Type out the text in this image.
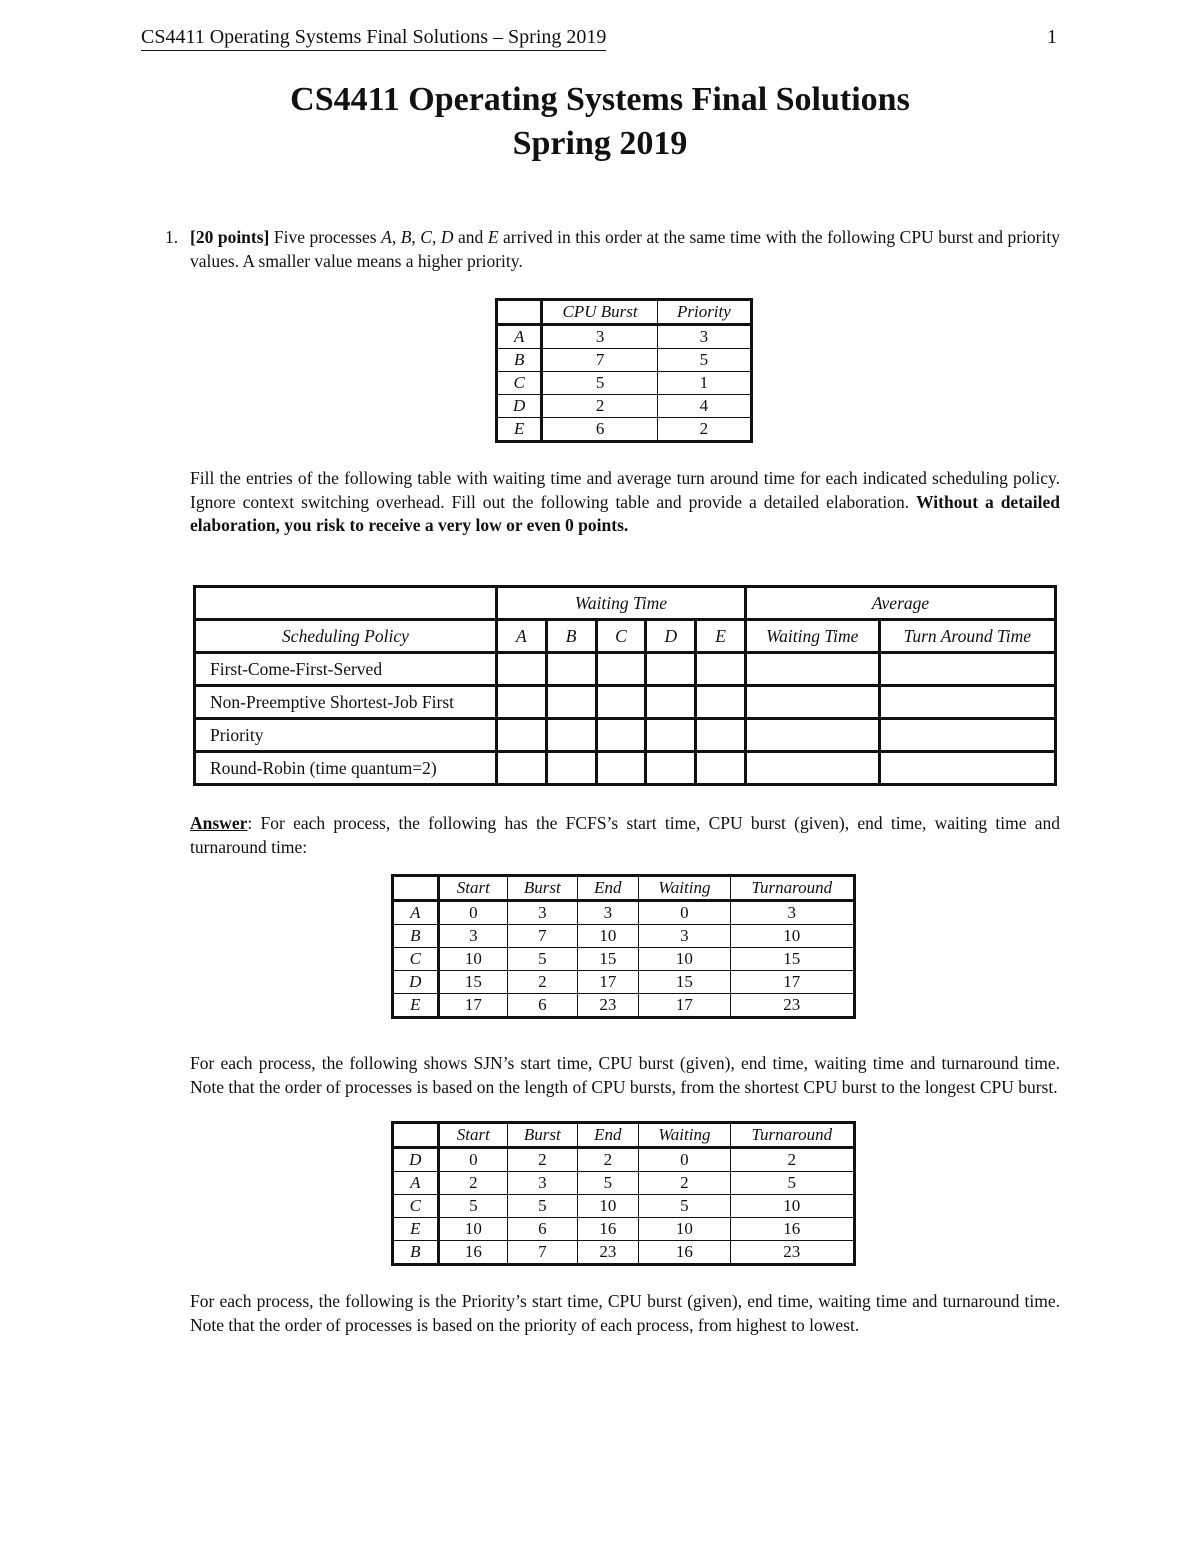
CS4411 Operating Systems Final Solutions – Spring 2019	1
CS4411 Operating Systems Final Solutions
Spring 2019
1. [20 points] Five processes A, B, C, D and E arrived in this order at the same time with the following CPU burst and priority values. A smaller value means a higher priority.
	CPU Burst	Priority
A	3	3
B	7	5
C	5	1
D	2	4
E	6	2
Fill the entries of the following table with waiting time and average turn around time for each indicated scheduling policy. Ignore context switching overhead. Fill out the following table and provide a detailed elaboration. Without a detailed elaboration, you risk to receive a very low or even 0 points.
	Waiting Time					Average	
Scheduling Policy	A	B	C	D	E	Waiting Time	Turn Around Time
First-Come-First-Served							
Non-Preemptive Shortest-Job First							
Priority							
Round-Robin (time quantum=2)							
Answer: For each process, the following has the FCFS’s start time, CPU burst (given), end time, waiting time and turnaround time:
	Start	Burst	End	Waiting	Turnaround
A	0	3	3	0	3
B	3	7	10	3	10
C	10	5	15	10	15
D	15	2	17	15	17
E	17	6	23	17	23
For each process, the following shows SJN’s start time, CPU burst (given), end time, waiting time and turnaround time. Note that the order of processes is based on the length of CPU bursts, from the shortest CPU burst to the longest CPU burst.
	Start	Burst	End	Waiting	Turnaround
D	0	2	2	0	2
A	2	3	5	2	5
C	5	5	10	5	10
E	10	6	16	10	16
B	16	7	23	16	23
For each process, the following is the Priority’s start time, CPU burst (given), end time, waiting time and turnaround time. Note that the order of processes is based on the priority of each process, from highest to lowest.
